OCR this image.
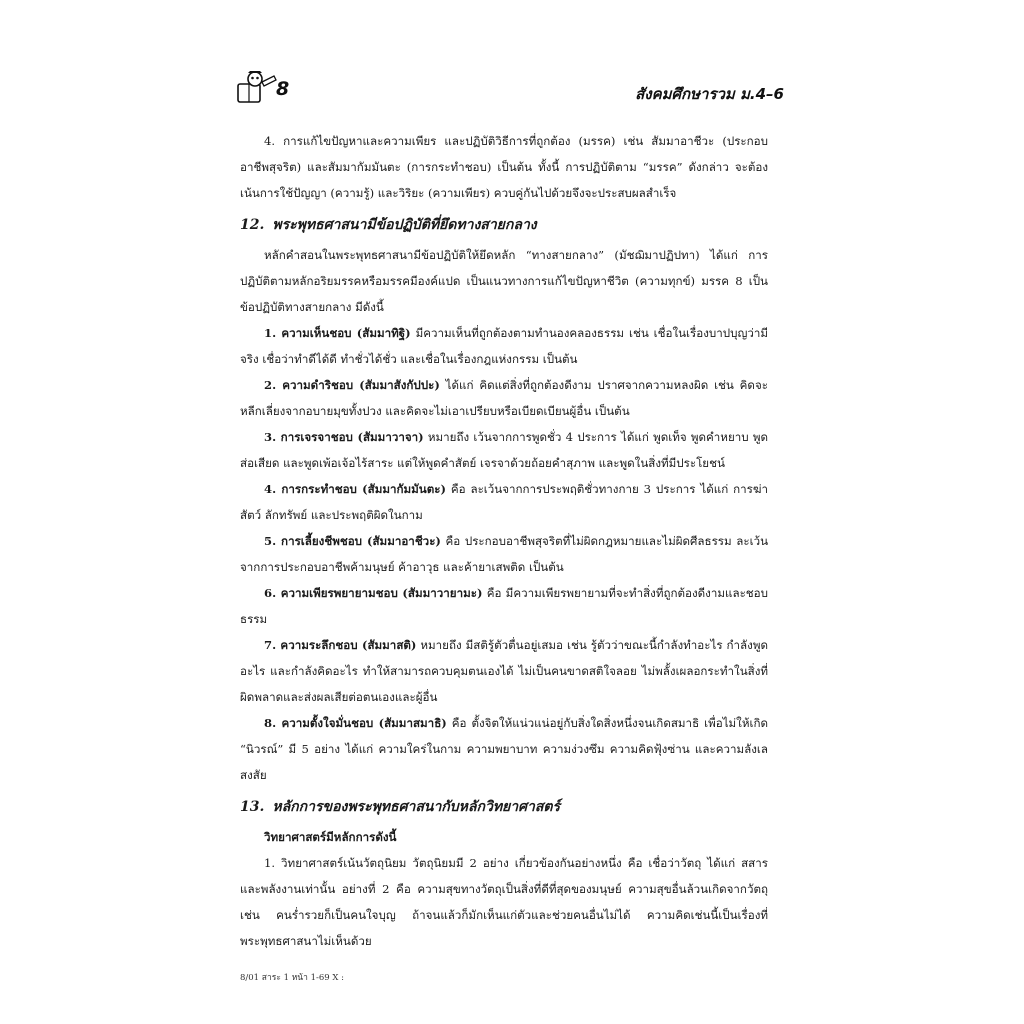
8	สังคมศึกษารวม ม.4–6

4. การแก้ไขปัญหาและความเพียร และปฏิบัติวิธีการที่ถูกต้อง (มรรค) เช่น สัมมาอาชีวะ (ประกอบอาชีพสุจริต) และสัมมากัมมันตะ (การกระทำชอบ) เป็นต้น ทั้งนี้ การปฏิบัติตาม “มรรค” ดังกล่าว จะต้องเน้นการใช้ปัญญา (ความรู้) และวิริยะ (ความเพียร) ควบคู่กันไปด้วยจึงจะประสบผลสำเร็จ

12. พระพุทธศาสนามีข้อปฏิบัติที่ยึดทางสายกลาง

หลักคำสอนในพระพุทธศาสนามีข้อปฏิบัติให้ยึดหลัก “ทางสายกลาง” (มัชฌิมาปฏิปทา) ได้แก่ การปฏิบัติตามหลักอริยมรรคหรือมรรคมีองค์แปด เป็นแนวทางการแก้ไขปัญหาชีวิต (ความทุกข์) มรรค 8 เป็นข้อปฏิบัติทางสายกลาง มีดังนี้

1. ความเห็นชอบ (สัมมาทิฐิ) มีความเห็นที่ถูกต้องตามทำนองคลองธรรม เช่น เชื่อในเรื่องบาปบุญว่ามีจริง เชื่อว่าทำดีได้ดี ทำชั่วได้ชั่ว และเชื่อในเรื่องกฎแห่งกรรม เป็นต้น

2. ความดำริชอบ (สัมมาสังกัปปะ) ได้แก่ คิดแต่สิ่งที่ถูกต้องดีงาม ปราศจากความหลงผิด เช่น คิดจะหลีกเลี่ยงจากอบายมุขทั้งปวง และคิดจะไม่เอาเปรียบหรือเบียดเบียนผู้อื่น เป็นต้น

3. การเจรจาชอบ (สัมมาวาจา) หมายถึง เว้นจากการพูดชั่ว 4 ประการ ได้แก่ พูดเท็จ พูดคำหยาบ พูดส่อเสียด และพูดเพ้อเจ้อไร้สาระ แต่ให้พูดคำสัตย์ เจรจาด้วยถ้อยคำสุภาพ และพูดในสิ่งที่มีประโยชน์

4. การกระทำชอบ (สัมมากัมมันตะ) คือ ละเว้นจากการประพฤติชั่วทางกาย 3 ประการ ได้แก่ การฆ่าสัตว์ ลักทรัพย์ และประพฤติผิดในกาม

5. การเลี้ยงชีพชอบ (สัมมาอาชีวะ) คือ ประกอบอาชีพสุจริตที่ไม่ผิดกฎหมายและไม่ผิดศีลธรรม ละเว้นจากการประกอบอาชีพค้ามนุษย์ ค้าอาวุธ และค้ายาเสพติด เป็นต้น

6. ความเพียรพยายามชอบ (สัมมาวายามะ) คือ มีความเพียรพยายามที่จะทำสิ่งที่ถูกต้องดีงามและชอบธรรม

7. ความระลึกชอบ (สัมมาสติ) หมายถึง มีสติรู้ตัวตื่นอยู่เสมอ เช่น รู้ตัวว่าขณะนี้กำลังทำอะไร กำลังพูดอะไร และกำลังคิดอะไร ทำให้สามารถควบคุมตนเองได้ ไม่เป็นคนขาดสติใจลอย ไม่พลั้งเผลอกระทำในสิ่งที่ผิดพลาดและส่งผลเสียต่อตนเองและผู้อื่น

8. ความตั้งใจมั่นชอบ (สัมมาสมาธิ) คือ ตั้งจิตให้แน่วแน่อยู่กับสิ่งใดสิ่งหนึ่งจนเกิดสมาธิ เพื่อไม่ให้เกิด “นิวรณ์” มี 5 อย่าง ได้แก่ ความใคร่ในกาม ความพยาบาท ความง่วงซึม ความคิดฟุ้งซ่าน และความลังเลสงสัย

13. หลักการของพระพุทธศาสนากับหลักวิทยาศาสตร์

วิทยาศาสตร์มีหลักการดังนี้

1. วิทยาศาสตร์เน้นวัตถุนิยม วัตถุนิยมมี 2 อย่าง เกี่ยวข้องกันอย่างหนึ่ง คือ เชื่อว่าวัตถุ ได้แก่ สสาร และพลังงานเท่านั้น อย่างที่ 2 คือ ความสุขทางวัตถุเป็นสิ่งที่ดีที่สุดของมนุษย์ ความสุขอื่นล้วนเกิดจากวัตถุ เช่น คนร่ำรวยก็เป็นคนใจบุญ ถ้าจนแล้วก็มักเห็นแก่ตัวและช่วยคนอื่นไม่ได้ ความคิดเช่นนี้เป็นเรื่องที่พระพุทธศาสนาไม่เห็นด้วย

8/01 สาระ 1 หน้า 1-69 X :
